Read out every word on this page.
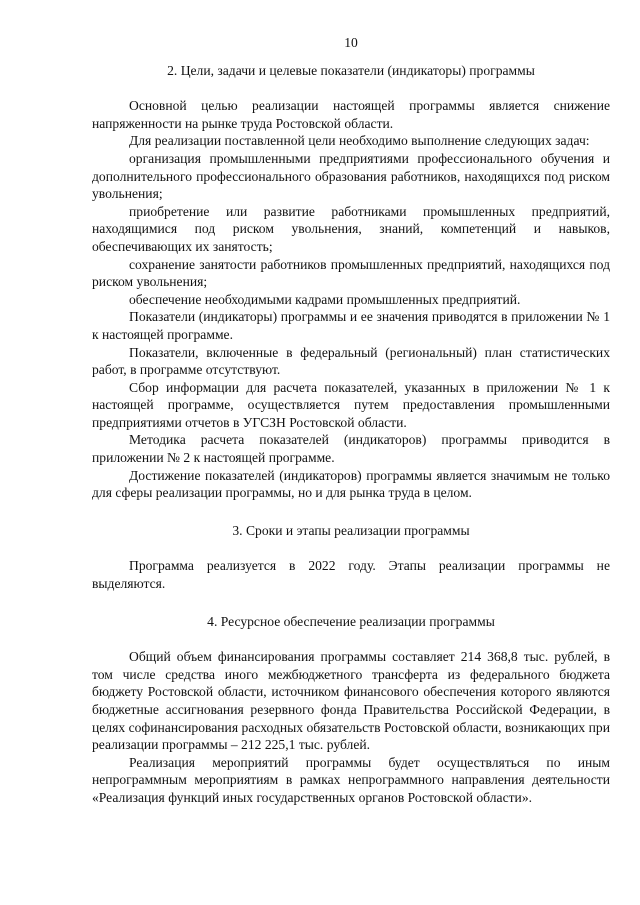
10

2. Цели, задачи и целевые показатели (индикаторы) программы

Основной целью реализации настоящей программы является снижение напряженности на рынке труда Ростовской области.

Для реализации поставленной цели необходимо выполнение следующих задач:

организация промышленными предприятиями профессионального обучения и дополнительного профессионального образования работников, находящихся под риском увольнения;

приобретение или развитие работниками промышленных предприятий, находящимися под риском увольнения, знаний, компетенций и навыков, обеспечивающих их занятость;

сохранение занятости работников промышленных предприятий, находящихся под риском увольнения;

обеспечение необходимыми кадрами промышленных предприятий.

Показатели (индикаторы) программы и ее значения приводятся в приложении № 1 к настоящей программе.

Показатели, включенные в федеральный (региональный) план статистических работ, в программе отсутствуют.

Сбор информации для расчета показателей, указанных в приложении № 1 к настоящей программе, осуществляется путем предоставления промышленными предприятиями отчетов в УГСЗН Ростовской области.

Методика расчета показателей (индикаторов) программы приводится в приложении № 2 к настоящей программе.

Достижение показателей (индикаторов) программы является значимым не только для сферы реализации программы, но и для рынка труда в целом.

3. Сроки и этапы реализации программы

Программа реализуется в 2022 году. Этапы реализации программы не выделяются.

4. Ресурсное обеспечение реализации программы

Общий объем финансирования программы составляет 214 368,8 тыс. рублей, в том числе средства иного межбюджетного трансферта из федерального бюджета бюджету Ростовской области, источником финансового обеспечения которого являются бюджетные ассигнования резервного фонда Правительства Российской Федерации, в целях софинансирования расходных обязательств Ростовской области, возникающих при реализации программы – 212 225,1 тыс. рублей.

Реализация мероприятий программы будет осуществляться по иным непрограммным мероприятиям в рамках непрограммного направления деятельности «Реализация функций иных государственных органов Ростовской области».
